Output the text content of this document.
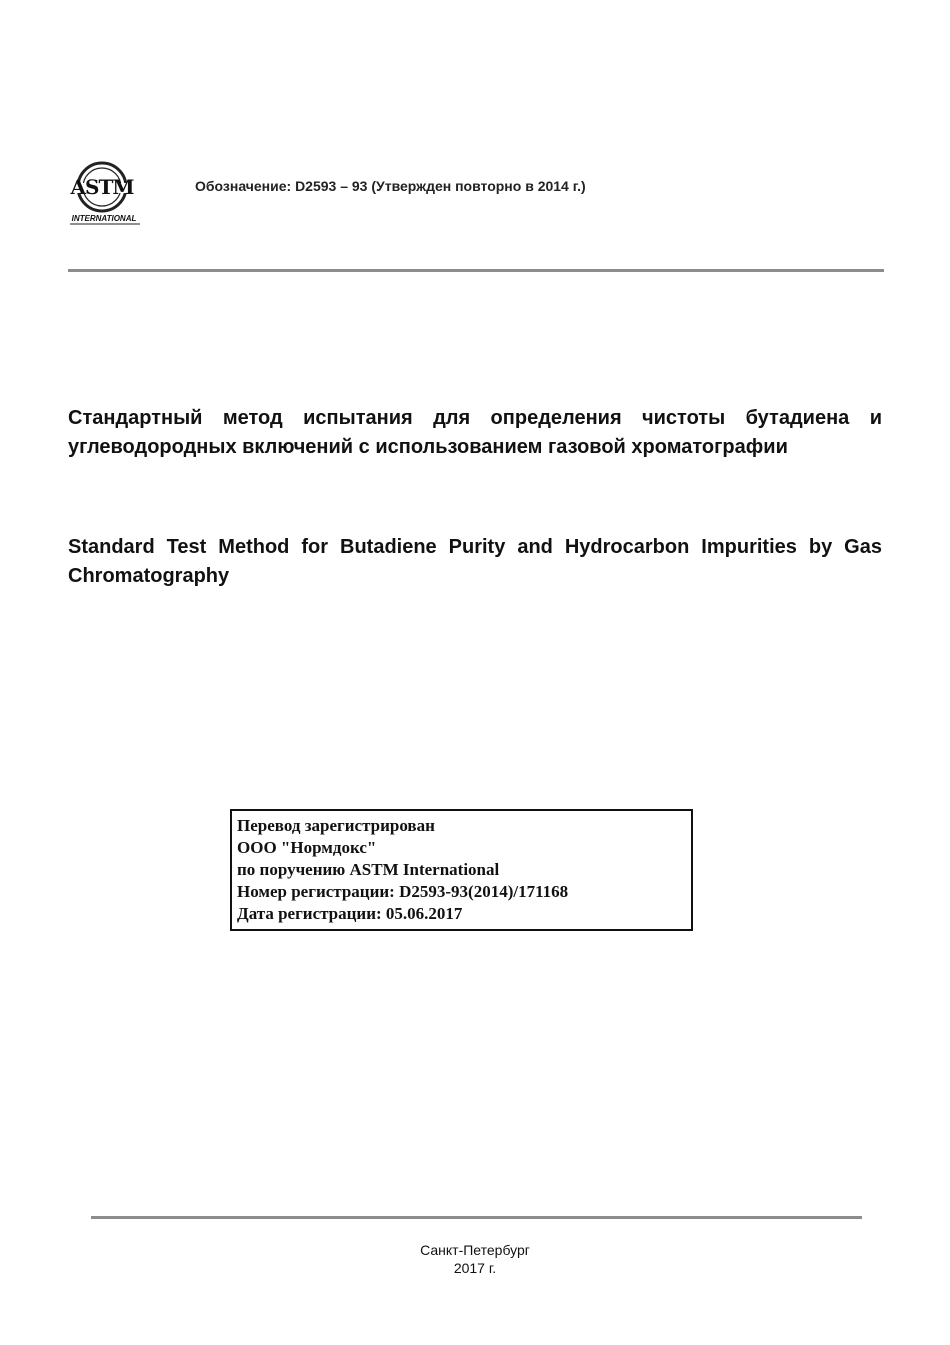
ASTM
INTERNATIONAL
Обозначение: D2593 – 93 (Утвержден повторно в 2014 г.)
Стандартный метод испытания для определения чистоты бутадиена и углеводородных включений с использованием газовой хроматографии
Standard Test Method for Butadiene Purity and Hydrocarbon Impurities by Gas Chromatography
Перевод зарегистрирован
ООО "Нормдокс"
по поручению ASTM International
Номер регистрации: D2593-93(2014)/171168
Дата регистрации: 05.06.2017
Санкт-Петербург
2017 г.
